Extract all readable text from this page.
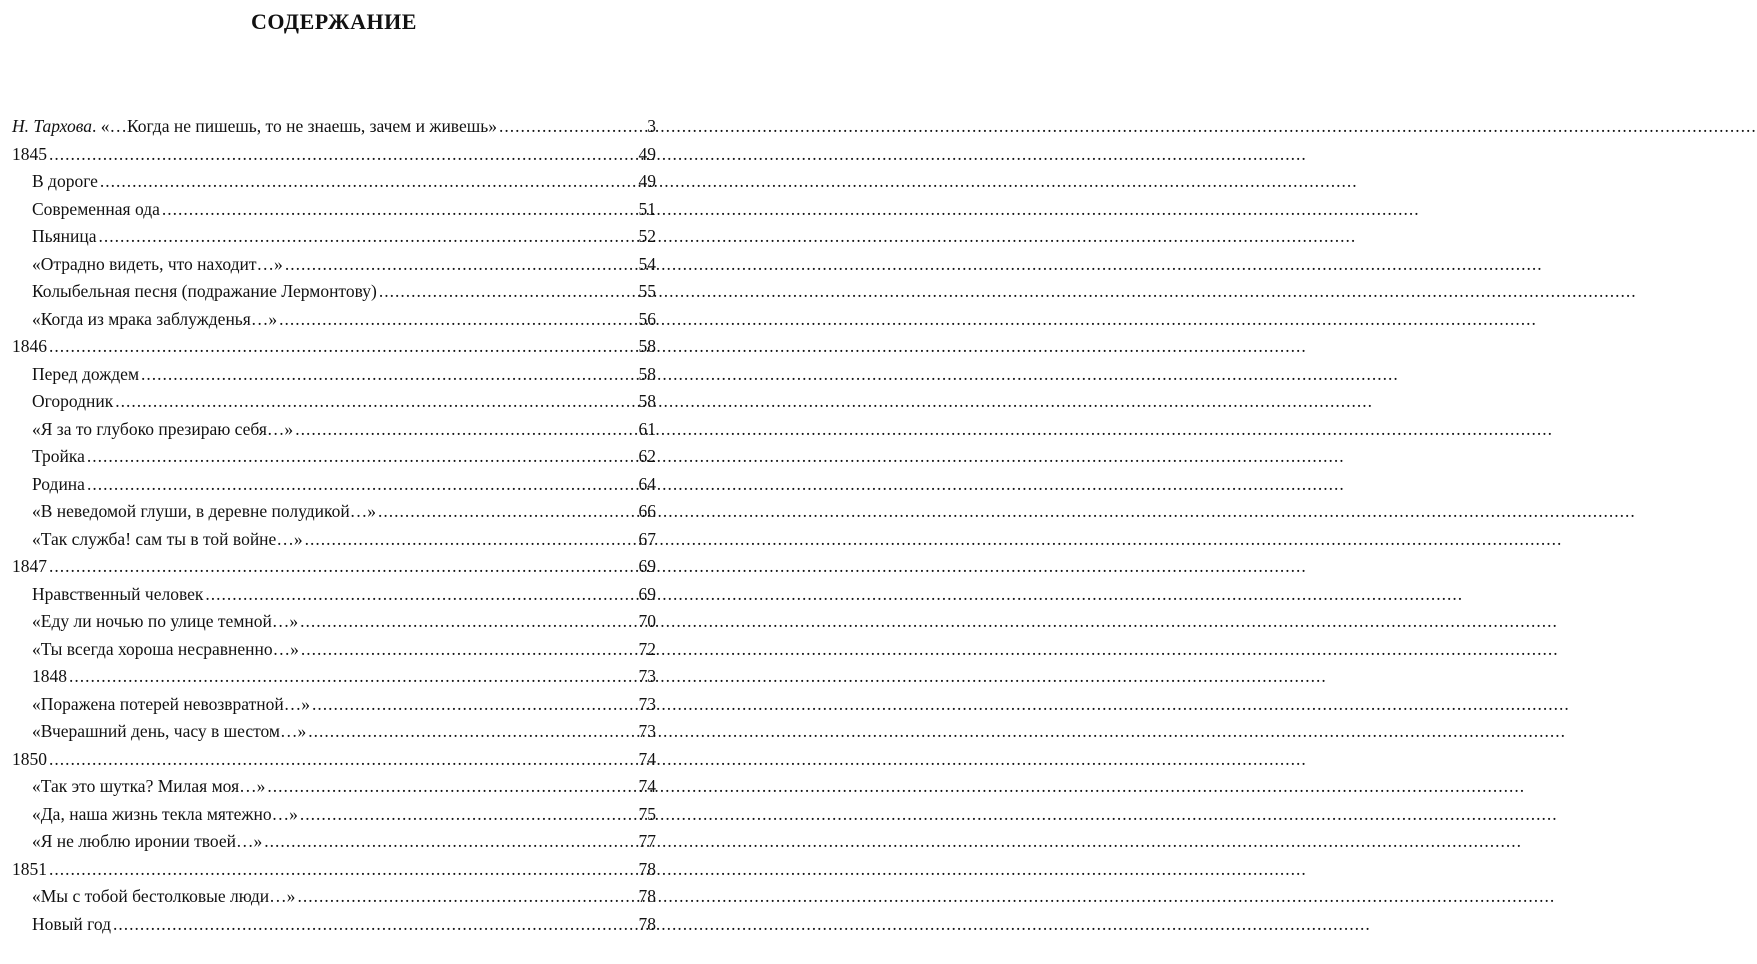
СОДЕРЖАНИЕ
Н. Тархова. «…Когда не пишешь, то не знаешь, зачем и живешь» .....	3
1845 .....	49
В дороге .....	49
Современная ода .....	51
Пьяница .....	52
«Отрадно видеть, что находит…» .....	54
Колыбельная песня (подражание Лермонтову) .....	55
«Когда из мрака заблужденья…» .....	56
1846 .....	58
Перед дождем .....	58
Огородник .....	58
«Я за то глубоко презираю себя…» .....	61
Тройка .....	62
Родина .....	64
«В неведомой глуши, в деревне полудикой…» .....	66
«Так служба! сам ты в той войне…» .....	67
1847 .....	69
Нравственный человек .....	69
«Еду ли ночью по улице темной…» .....	70
«Ты всегда хороша несравненно…» .....	72
1848 .....	73
«Поражена потерей невозвратной…» .....	73
«Вчерашний день, часу в шестом…» .....	73
1850 .....	74
«Так это шутка? Милая моя…» .....	74
«Да, наша жизнь текла мятежно…» .....	75
«Я не люблю иронии твоей…» .....	77
1851 .....	78
«Мы с тобой бестолковые люди…» .....	78
Новый год .....	78
